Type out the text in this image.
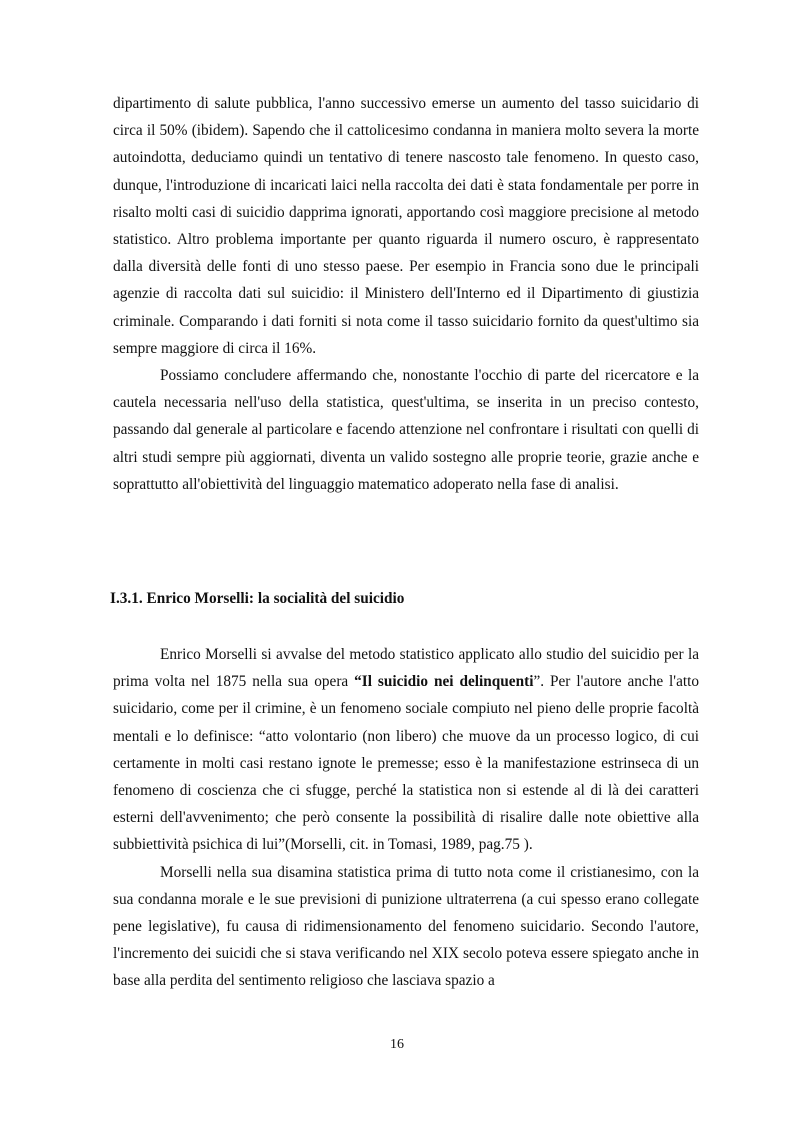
dipartimento di salute pubblica, l'anno successivo emerse un aumento del tasso suicidario di circa il 50% (ibidem). Sapendo che il cattolicesimo condanna in maniera molto severa la morte autoindotta, deduciamo quindi un tentativo di tenere nascosto tale fenomeno. In questo caso, dunque, l'introduzione di incaricati laici nella raccolta dei dati è stata fondamentale per porre in risalto molti casi di suicidio dapprima ignorati, apportando così maggiore precisione al metodo statistico. Altro problema importante per quanto riguarda il numero oscuro, è rappresentato dalla diversità delle fonti di uno stesso paese. Per esempio in Francia sono due le principali agenzie di raccolta dati sul suicidio: il Ministero dell'Interno ed il Dipartimento di giustizia criminale. Comparando i dati forniti si nota come il tasso suicidario fornito da quest'ultimo sia sempre maggiore di circa il 16%.

Possiamo concludere affermando che, nonostante l'occhio di parte del ricercatore e la cautela necessaria nell'uso della statistica, quest'ultima, se inserita in un preciso contesto, passando dal generale al particolare e facendo attenzione nel confrontare i risultati con quelli di altri studi sempre più aggiornati, diventa un valido sostegno alle proprie teorie, grazie anche e soprattutto all'obiettività del linguaggio matematico adoperato nella fase di analisi.

I.3.1. Enrico Morselli: la socialità del suicidio

Enrico Morselli si avvalse del metodo statistico applicato allo studio del suicidio per la prima volta nel 1875 nella sua opera “Il suicidio nei delinquenti”. Per l'autore anche l'atto suicidario, come per il crimine, è un fenomeno sociale compiuto nel pieno delle proprie facoltà mentali e lo definisce: “atto volontario (non libero) che muove da un processo logico, di cui certamente in molti casi restano ignote le premesse; esso è la manifestazione estrinseca di un fenomeno di coscienza che ci sfugge, perché la statistica non si estende al di là dei caratteri esterni dell'avvenimento; che però consente la possibilità di risalire dalle note obiettive alla subbiettività psichica di lui”(Morselli, cit. in Tomasi, 1989, pag.75 ).

Morselli nella sua disamina statistica prima di tutto nota come il cristianesimo, con la sua condanna morale e le sue previsioni di punizione ultraterrena (a cui spesso erano collegate pene legislative), fu causa di ridimensionamento del fenomeno suicidario. Secondo l'autore, l'incremento dei suicidi che si stava verificando nel XIX secolo poteva essere spiegato anche in base alla perdita del sentimento religioso che lasciava spazio a

16
